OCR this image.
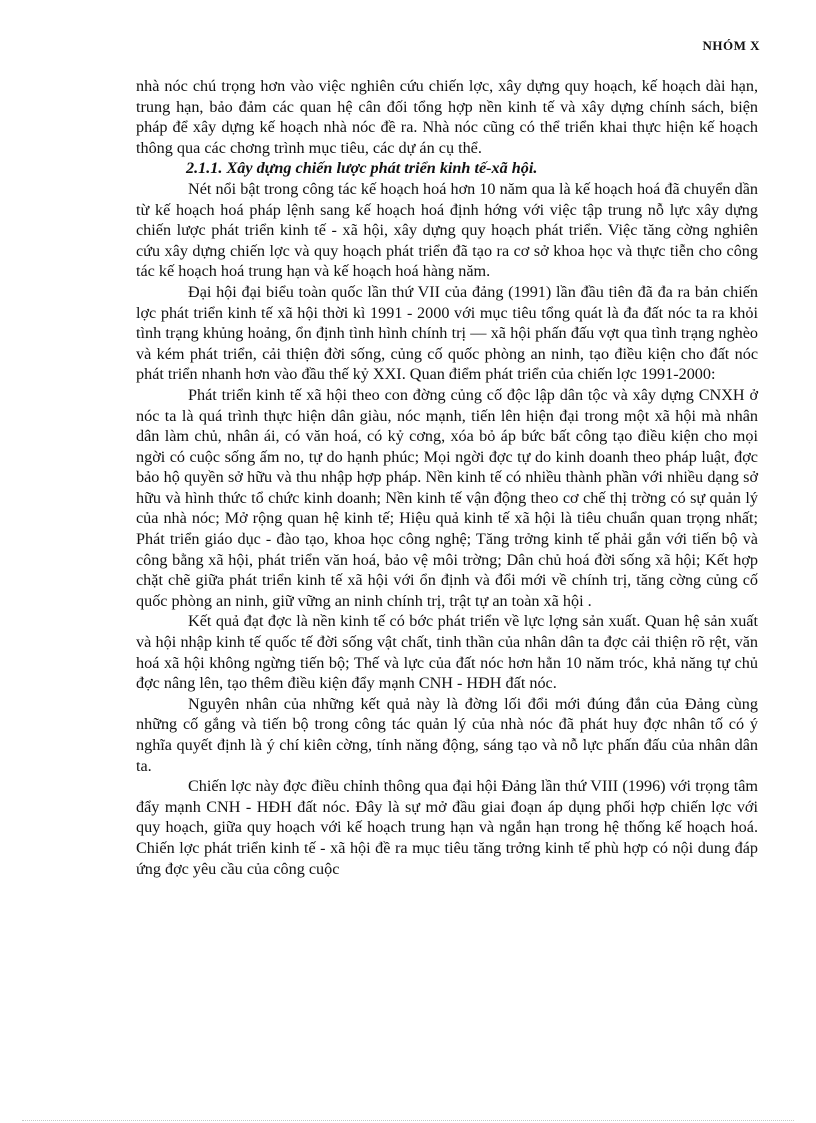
NHÓM X

nhà nóc chú trọng hơn vào việc nghiên cứu chiến lợc, xây dựng quy hoạch, kế hoạch dài hạn, trung hạn, bảo đảm các quan hệ cân đối tổng hợp nền kinh tế và xây dựng chính sách, biện pháp để xây dựng kế hoạch nhà nóc đề ra. Nhà nóc cũng có thể triển khai thực hiện kế hoạch thông qua các chơng trình mục tiêu, các dự án cụ thể.

2.1.1. Xây dựng chiến lược phát triển kinh tế-xã hội.

Nét nổi bật trong công tác kế hoạch hoá hơn 10 năm qua là kế hoạch hoá đã chuyển dần từ kế hoạch hoá pháp lệnh sang kế hoạch hoá định hớng với việc tập trung nỗ lực xây dựng chiến lược phát triển kinh tế - xã hội, xây dựng quy hoạch phát triển. Việc tăng cờng nghiên cứu xây dựng chiến lợc và quy hoạch phát triển đã tạo ra cơ sở khoa học và thực tiễn cho công tác kế hoạch hoá trung hạn và kế hoạch hoá hàng năm.

Đại hội đại biểu toàn quốc lần thứ VII của đảng (1991) lần đầu tiên đã đa ra bản chiến lợc phát triển kinh tế xã hội thời kì 1991 - 2000 với mục tiêu tổng quát là đa đất nóc ta ra khỏi tình trạng khủng hoảng, ổn định tình hình chính trị — xã hội phấn đấu vợt qua tình trạng nghèo và kém phát triển, cải thiện đời sống, củng cố quốc phòng an ninh, tạo điều kiện cho đất nóc phát triển nhanh hơn vào đầu thế kỷ XXI. Quan điểm phát triển của chiến lợc 1991-2000:

Phát triển kinh tế xã hội theo con đờng củng cố độc lập dân tộc và xây dựng CNXH ở nóc ta là quá trình thực hiện dân giàu, nóc mạnh, tiến lên hiện đại trong một xã hội mà nhân dân làm chủ, nhân ái, có văn hoá, có kỷ cơng, xóa bỏ áp bức bất công tạo điều kiện cho mọi ngời có cuộc sống ấm no, tự do hạnh phúc; Mọi ngời đợc tự do kinh doanh theo pháp luật, đợc bảo hộ quyền sở hữu và thu nhập hợp pháp. Nền kinh tế có nhiều thành phần với nhiều dạng sở hữu và hình thức tổ chức kinh doanh; Nền kinh tế vận động theo cơ chế thị trờng có sự quản lý của nhà nóc; Mở rộng quan hệ kinh tế; Hiệu quả kinh tế xã hội là tiêu chuẩn quan trọng nhất; Phát triển giáo dục - đào tạo, khoa học công nghệ; Tăng trởng kinh tế phải gắn với tiến bộ và công bằng xã hội, phát triển văn hoá, bảo vệ môi trờng; Dân chủ hoá đời sống xã hội; Kết hợp chặt chẽ giữa phát triển kinh tế xã hội với ổn định và đổi mới về chính trị, tăng cờng củng cố quốc phòng an ninh, giữ vững an ninh chính trị, trật tự an toàn xã hội .

Kết quả đạt đợc là nền kinh tế có bớc phát triển về lực lợng sản xuất. Quan hệ sản xuất và hội nhập kinh tế quốc tế đời sống vật chất, tinh thần của nhân dân ta đợc cải thiện rõ rệt, văn hoá xã hội không ngừng tiến bộ; Thế và lực của đất nóc hơn hẳn 10 năm tróc, khả năng tự chủ đợc nâng lên, tạo thêm điều kiện đẩy mạnh CNH - HĐH đất nóc.

Nguyên nhân của những kết quả này là đờng lối đổi mới đúng đắn của Đảng cùng những cố gắng và tiến bộ trong công tác quản lý của nhà nóc đã phát huy đợc nhân tố có ý nghĩa quyết định là ý chí kiên cờng, tính năng động, sáng tạo và nỗ lực phấn đấu của nhân dân ta.

Chiến lợc này đợc điều chỉnh thông qua đại hội Đảng lần thứ VIII (1996) với trọng tâm đẩy mạnh CNH - HĐH đất nóc. Đây là sự mở đầu giai đoạn áp dụng phối hợp chiến lợc với quy hoạch, giữa quy hoạch với kế hoạch trung hạn và ngắn hạn trong hệ thống kế hoạch hoá. Chiến lợc phát triển kinh tế - xã hội đề ra mục tiêu tăng trởng kinh tế phù hợp có nội dung đáp ứng đợc yêu cầu của công cuộc
